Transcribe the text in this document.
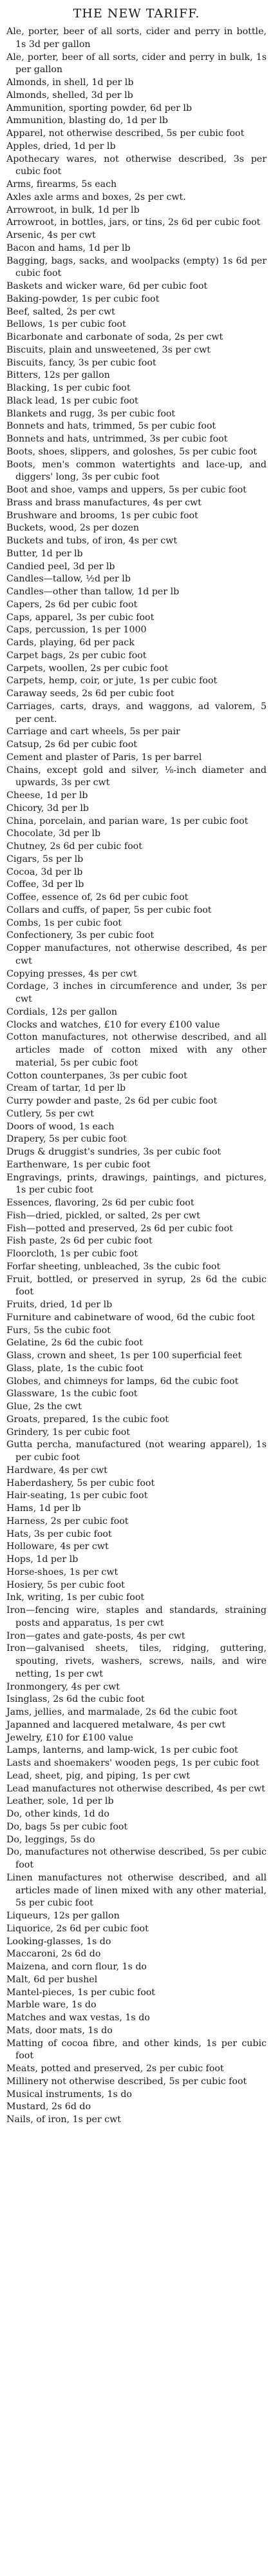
THE NEW TARIFF.

Ale, porter, beer of all sorts, cider and perry in bottle, 1s 3d per gallon

Ale, porter, beer of all sorts, cider and perry in bulk, 1s per gallon

Almonds, in shell, 1d per lb

Almonds, shelled, 3d per lb

Ammunition, sporting powder, 6d per lb

Ammunition, blasting do, 1d per lb

Apparel, not otherwise described, 5s per cubic foot

Apples, dried, 1d per lb

Apothecary wares, not otherwise described, 3s per cubic foot

Arms, firearms, 5s each

Axles axle arms and boxes, 2s per cwt.

Arrowroot, in bulk, 1d per lb

Arrowroot, in bottles, jars, or tins, 2s 6d per cubic foot

Arsenic, 4s per cwt

Bacon and hams, 1d per lb

Bagging, bags, sacks, and woolpacks (empty) 1s 6d per cubic foot

Baskets and wicker ware, 6d per cubic foot

Baking-powder, 1s per cubic foot

Beef, salted, 2s per cwt

Bellows, 1s per cubic foot

Bicarbonate and carbonate of soda, 2s per cwt

Biscuits, plain and unsweetened, 3s per cwt

Biscuits, fancy, 3s per cubic foot

Bitters, 12s per gallon

Blacking, 1s per cubic foot

Black lead, 1s per cubic foot

Blankets and rugg, 3s per cubic foot

Bonnets and hats, trimmed, 5s per cubic foot

Bonnets and hats, untrimmed, 3s per cubic foot

Boots, shoes, slippers, and goloshes, 5s per cubic foot

Boots, men's common watertights and lace-up, and diggers' long, 3s per cubic foot

Boot and shoe, vamps and uppers, 5s per cubic foot

Brass and brass manufactures, 4s per cwt

Brushware and brooms, 1s per cubic foot

Buckets, wood, 2s per dozen

Buckets and tubs, of iron, 4s per cwt

Butter, 1d per lb

Candied peel, 3d per lb

Candles—tallow, ½d per lb

Candles—other than tallow, 1d per lb

Capers, 2s 6d per cubic foot

Caps, apparel, 3s per cubic foot

Caps, percussion, 1s per 1000

Cards, playing, 6d per pack

Carpet bags, 2s per cubic foot

Carpets, woollen, 2s per cubic foot

Carpets, hemp, coir, or jute, 1s per cubic foot

Caraway seeds, 2s 6d per cubic foot

Carriages, carts, drays, and waggons, ad valorem, 5 per cent.

Carriage and cart wheels, 5s per pair

Catsup, 2s 6d per cubic foot

Cement and plaster of Paris, 1s per barrel

Chains, except gold and silver, ⅛-inch diameter and upwards, 3s per cwt

Cheese, 1d per lb

Chicory, 3d per lb

China, porcelain, and parian ware, 1s per cubic foot

Chocolate, 3d per lb

Chutney, 2s 6d per cubic foot

Cigars, 5s per lb

Cocoa, 3d per lb

Coffee, 3d per lb

Coffee, essence of, 2s 6d per cubic foot

Collars and cuffs, of paper, 5s per cubic foot

Combs, 1s per cubic foot

Confectionery, 3s per cubic foot

Copper manufactures, not otherwise described, 4s per cwt

Copying presses, 4s per cwt

Cordage, 3 inches in circumference and under, 3s per cwt

Cordials, 12s per gallon

Clocks and watches, £10 for every £100 value

Cotton manufactures, not otherwise described, and all articles made of cotton mixed with any other material, 5s per cubic foot

Cotton counterpanes, 3s per cubic foot

Cream of tartar, 1d per lb

Curry powder and paste, 2s 6d per cubic foot

Cutlery, 5s per cwt

Doors of wood, 1s each

Drapery, 5s per cubic foot

Drugs & druggist's sundries, 3s per cubic foot

Earthenware, 1s per cubic foot

Engravings, prints, drawings, paintings, and pictures, 1s per cubic foot

Essences, flavoring, 2s 6d per cubic foot

Fish—dried, pickled, or salted, 2s per cwt

Fish—potted and preserved, 2s 6d per cubic foot

Fish paste, 2s 6d per cubic foot

Floorcloth, 1s per cubic foot

Forfar sheeting, unbleached, 3s the cubic foot

Fruit, bottled, or preserved in syrup, 2s 6d the cubic foot

Fruits, dried, 1d per lb

Furniture and cabinetware of wood, 6d the cubic foot

Furs, 5s the cubic foot

Gelatine, 2s 6d the cubic foot

Glass, crown and sheet, 1s per 100 superficial feet

Glass, plate, 1s the cubic foot

Globes, and chimneys for lamps, 6d the cubic foot

Glassware, 1s the cubic foot

Glue, 2s the cwt

Groats, prepared, 1s the cubic foot

Grindery, 1s per cubic foot

Gutta percha, manufactured (not wearing apparel), 1s per cubic foot

Hardware, 4s per cwt

Haberdashery, 5s per cubic foot

Hair-seating, 1s per cubic foot

Hams, 1d per lb

Harness, 2s per cubic foot

Hats, 3s per cubic foot

Holloware, 4s per cwt

Hops, 1d per lb

Horse-shoes, 1s per cwt

Hosiery, 5s per cubic foot

Ink, writing, 1s per cubic foot

Iron—fencing wire, staples and standards, straining posts and apparatus, 1s per cwt

Iron—gates and gate-posts, 4s per cwt

Iron—galvanised sheets, tiles, ridging, guttering, spouting, rivets, washers, screws, nails, and wire netting, 1s per cwt

Ironmongery, 4s per cwt

Isinglass, 2s 6d the cubic foot

Jams, jellies, and marmalade, 2s 6d the cubic foot

Japanned and lacquered metalware, 4s per cwt

Jewelry, £10 for £100 value

Lamps, lanterns, and lamp-wick, 1s per cubic foot

Lasts and shoemakers' wooden pegs, 1s per cubic foot

Lead, sheet, pig, and piping, 1s per cwt

Lead manufactures not otherwise described, 4s per cwt

Leather, sole, 1d per lb

Do, other kinds, 1d do

Do, bags 5s per cubic foot

Do, leggings, 5s do

Do, manufactures not otherwise described, 5s per cubic foot

Linen manufactures not otherwise described, and all articles made of linen mixed with any other material, 5s per cubic foot

Liqueurs, 12s per gallon

Liquorice, 2s 6d per cubic foot

Looking-glasses, 1s do

Maccaroni, 2s 6d do

Maizena, and corn flour, 1s do

Malt, 6d per bushel

Mantel-pieces, 1s per cubic foot

Marble ware, 1s do

Matches and wax vestas, 1s do

Mats, door mats, 1s do

Matting of cocoa fibre, and other kinds, 1s per cubic foot

Meats, potted and preserved, 2s per cubic foot

Millinery not otherwise described, 5s per cubic foot

Musical instruments, 1s do

Mustard, 2s 6d do

Nails, of iron, 1s per cwt
